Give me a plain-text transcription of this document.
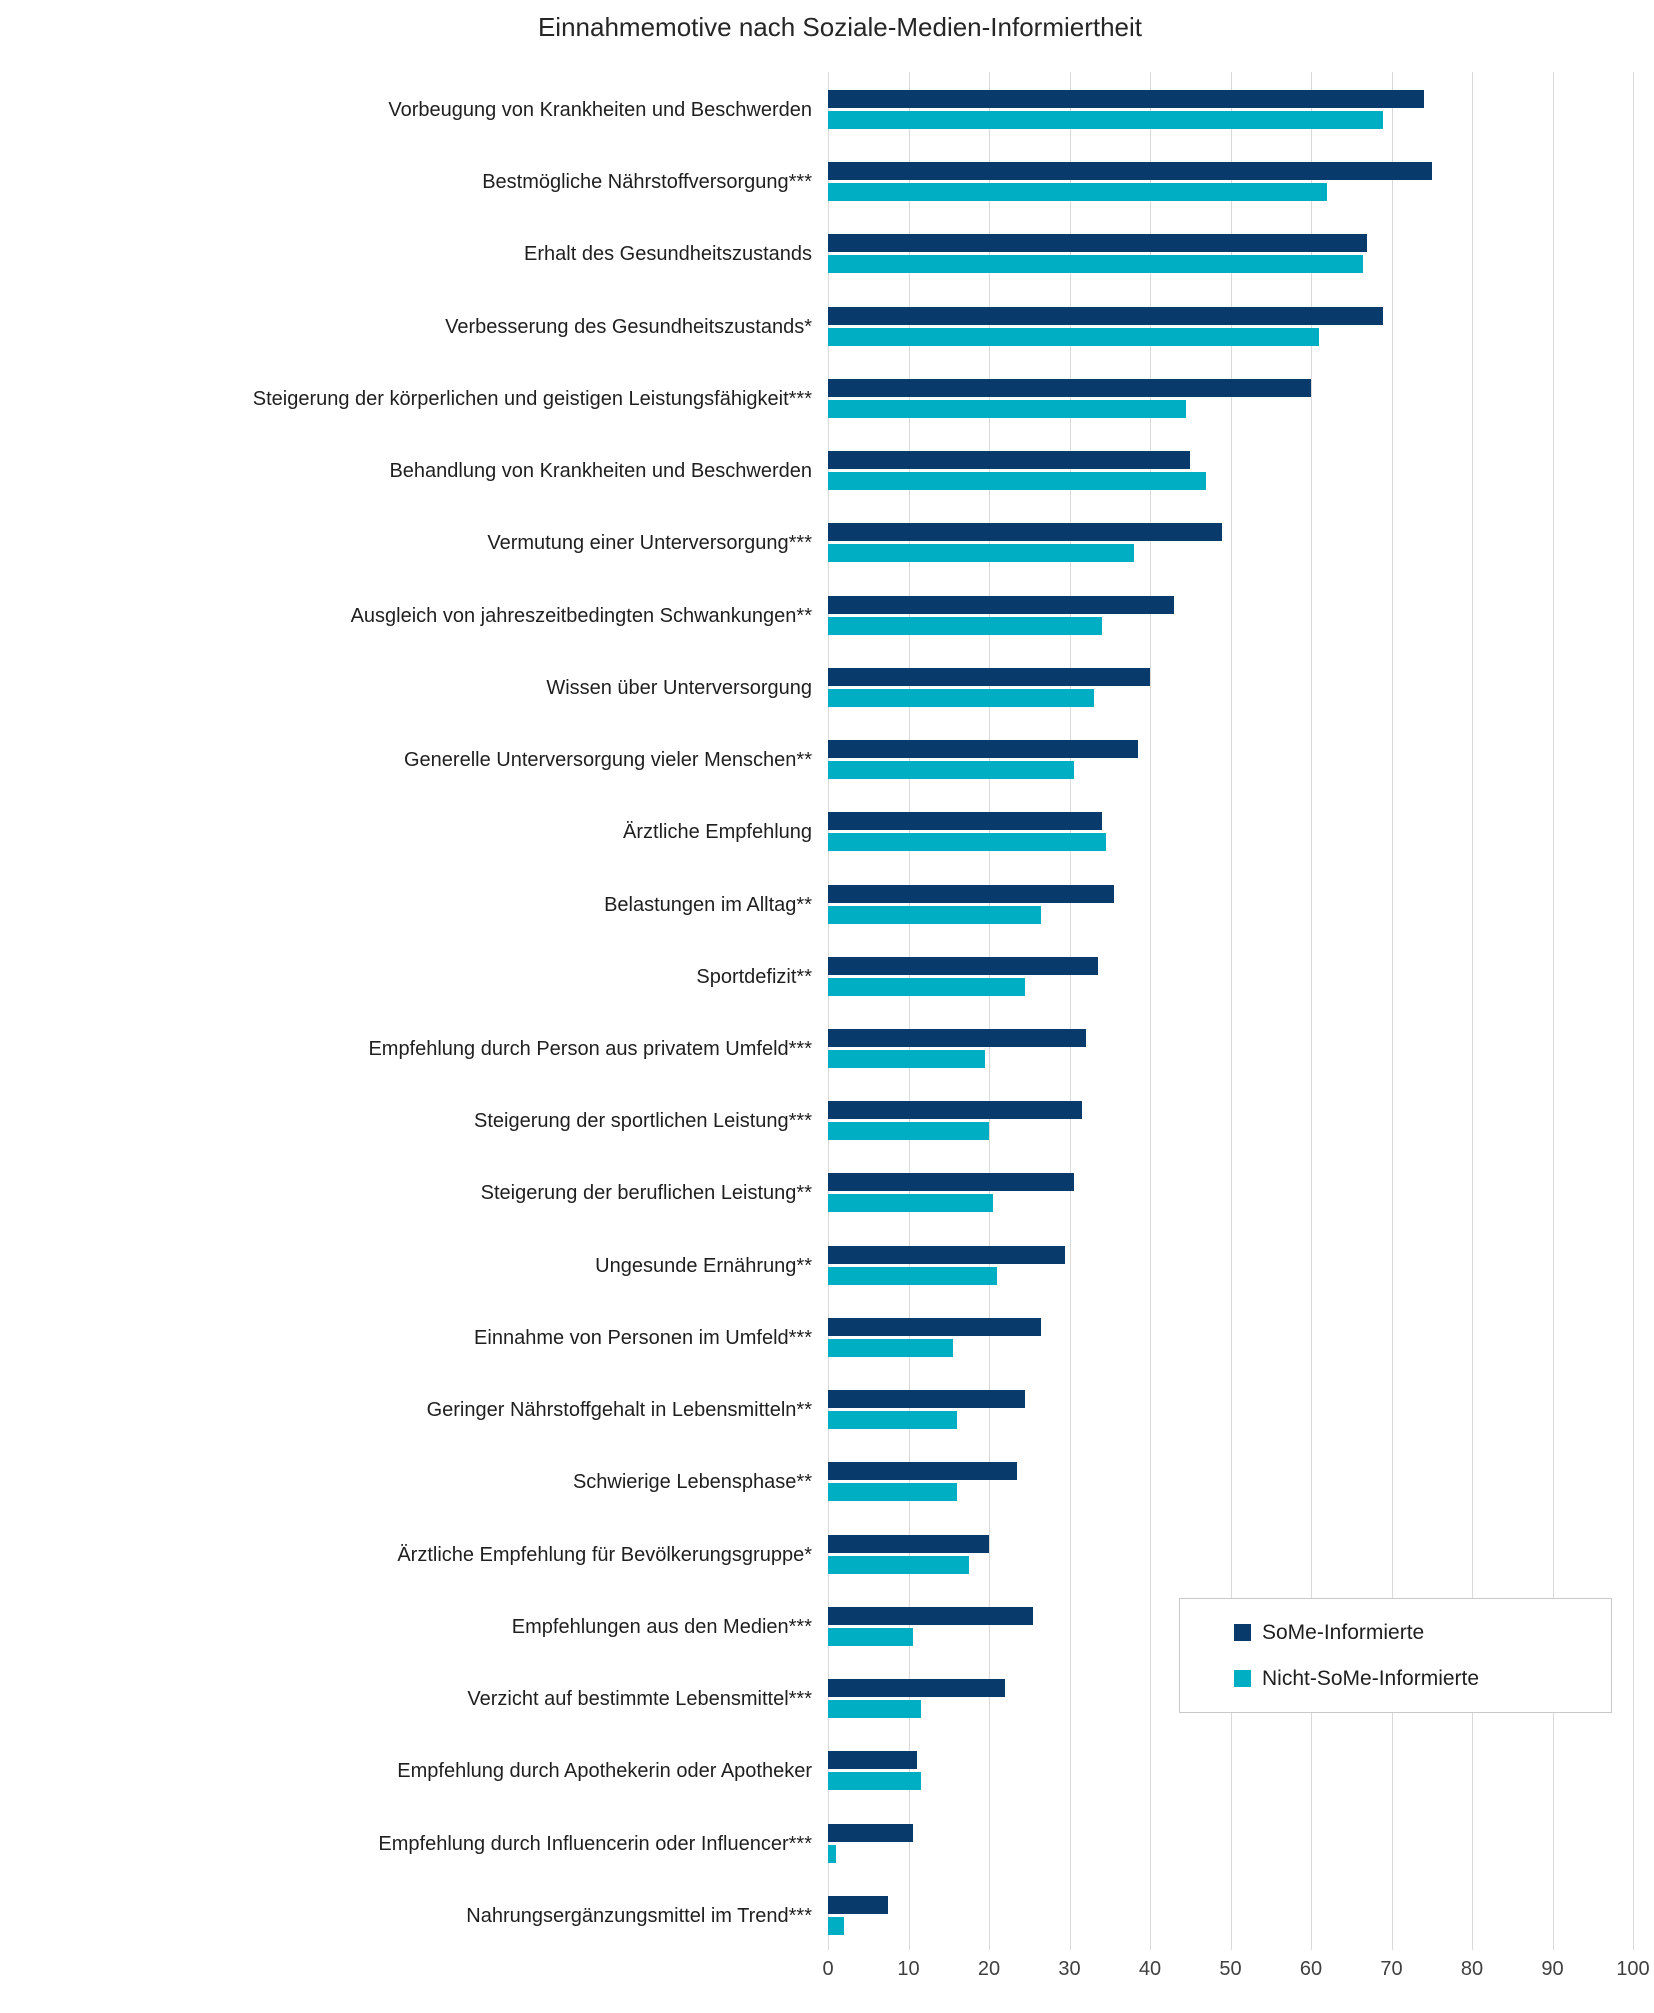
Einnahmemotive nach Soziale-Medien-Informiertheit
Vorbeugung von Krankheiten und Beschwerden
Bestmögliche Nährstoffversorgung***
Erhalt des Gesundheitszustands
Verbesserung des Gesundheitszustands*
Steigerung der körperlichen und geistigen Leistungsfähigkeit***
Behandlung von Krankheiten und Beschwerden
Vermutung einer Unterversorgung***
Ausgleich von jahreszeitbedingten Schwankungen**
Wissen über Unterversorgung
Generelle Unterversorgung vieler Menschen**
Ärztliche Empfehlung
Belastungen im Alltag**
Sportdefizit**
Empfehlung durch Person aus privatem Umfeld***
Steigerung der sportlichen Leistung***
Steigerung der beruflichen Leistung**
Ungesunde Ernährung**
Einnahme von Personen im Umfeld***
Geringer Nährstoffgehalt in Lebensmitteln**
Schwierige Lebensphase**
Ärztliche Empfehlung für Bevölkerungsgruppe*
Empfehlungen aus den Medien***
Verzicht auf bestimmte Lebensmittel***
Empfehlung durch Apothekerin oder Apotheker
Empfehlung durch Influencerin oder Influencer***
Nahrungsergänzungsmittel im Trend***
0	10	20	30	40	50	60	70	80	90	100
SoMe-Informierte
Nicht-SoMe-Informierte
